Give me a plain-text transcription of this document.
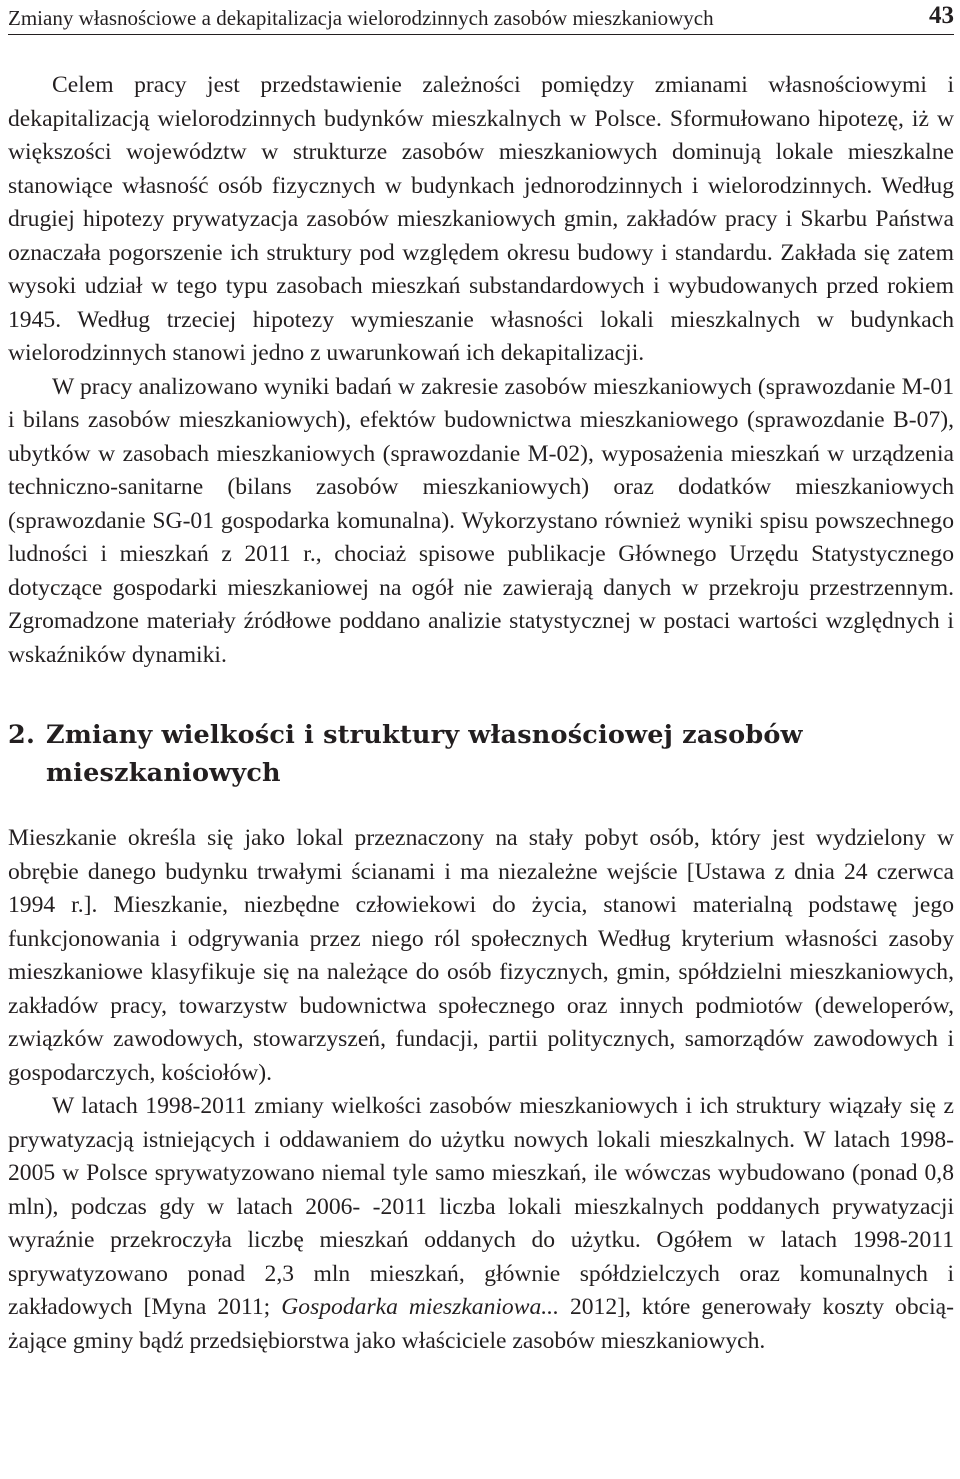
Zmiany własnościowe a dekapitalizacja wielorodzinnych zasobów mieszkaniowych	43

Celem pracy jest przedstawienie zależności pomiędzy zmianami własnościowymi i dekapitalizacją wielorodzinnych budynków mieszkalnych w Polsce. Sformułowano hipotezę, iż w większości województw w strukturze zasobów mieszkaniowych dominują lokale mieszkalne stanowiące własność osób fizycznych w budynkach jednorodzinnych i wielorodzinnych. Według drugiej hipotezy prywatyzacja zasobów mieszkaniowych gmin, zakładów pracy i Skarbu Państwa oznaczała pogorszenie ich struktury pod względem okresu budowy i standardu. Zakłada się zatem wysoki udział w tego typu zasobach mieszkań substandardowych i wybudowanych przed rokiem 1945. Według trzeciej hipotezy wymieszanie własności lokali mieszkalnych w budynkach wielorodzinnych stanowi jedno z uwarunkowań ich dekapitalizacji.

W pracy analizowano wyniki badań w zakresie zasobów mieszkaniowych (sprawozdanie M-01 i bilans zasobów mieszkaniowych), efektów budownictwa mieszkaniowego (sprawozdanie B-07), ubytków w zasobach mieszkaniowych (sprawozdanie M-02), wyposażenia mieszkań w urządzenia techniczno-sanitarne (bilans zasobów mieszkaniowych) oraz dodatków mieszkaniowych (sprawozdanie SG-01 gospodarka komunalna). Wykorzystano również wyniki spisu powszechnego ludności i mieszkań z 2011 r., chociaż spisowe publikacje Głównego Urzędu Statystycznego dotyczące gospodarki mieszkaniowej na ogół nie zawierają danych w przekroju przestrzennym. Zgromadzone materiały źródłowe poddano analizie statystycznej w postaci wartości względnych i wskaźników dynamiki.

2. Zmiany wielkości i struktury własnościowej zasobów mieszkaniowych

Mieszkanie określa się jako lokal przeznaczony na stały pobyt osób, który jest wydzielony w obrębie danego budynku trwałymi ścianami i ma niezależne wejście [Ustawa z dnia 24 czerwca 1994 r.]. Mieszkanie, niezbędne człowiekowi do życia, stanowi materialną podstawę jego funkcjonowania i odgrywania przez niego ról społecznych Według kryterium własności zasoby mieszkaniowe klasyfikuje się na należące do osób fizycznych, gmin, spółdzielni mieszkaniowych, zakładów pracy, towarzystw budownictwa społecznego oraz innych podmiotów (deweloperów, związków zawodowych, stowarzyszeń, fundacji, partii politycznych, samorządów zawodowych i gospodarczych, kościołów).

W latach 1998-2011 zmiany wielkości zasobów mieszkaniowych i ich struktury wiązały się z prywatyzacją istniejących i oddawaniem do użytku nowych lokali mieszkalnych. W latach 1998-2005 w Polsce sprywatyzowano niemal tyle samo mieszkań, ile wówczas wybudowano (ponad 0,8 mln), podczas gdy w latach 2006- -2011 liczba lokali mieszkalnych poddanych prywatyzacji wyraźnie przekroczyła liczbę mieszkań oddanych do użytku. Ogółem w latach 1998-2011 sprywatyzowano ponad 2,3 mln mieszkań, głównie spółdzielczych oraz komunalnych i zakładowych [Myna 2011; Gospodarka mieszkaniowa... 2012], które generowały koszty obciążające gminy bądź przedsiębiorstwa jako właściciele zasobów mieszkaniowych.
